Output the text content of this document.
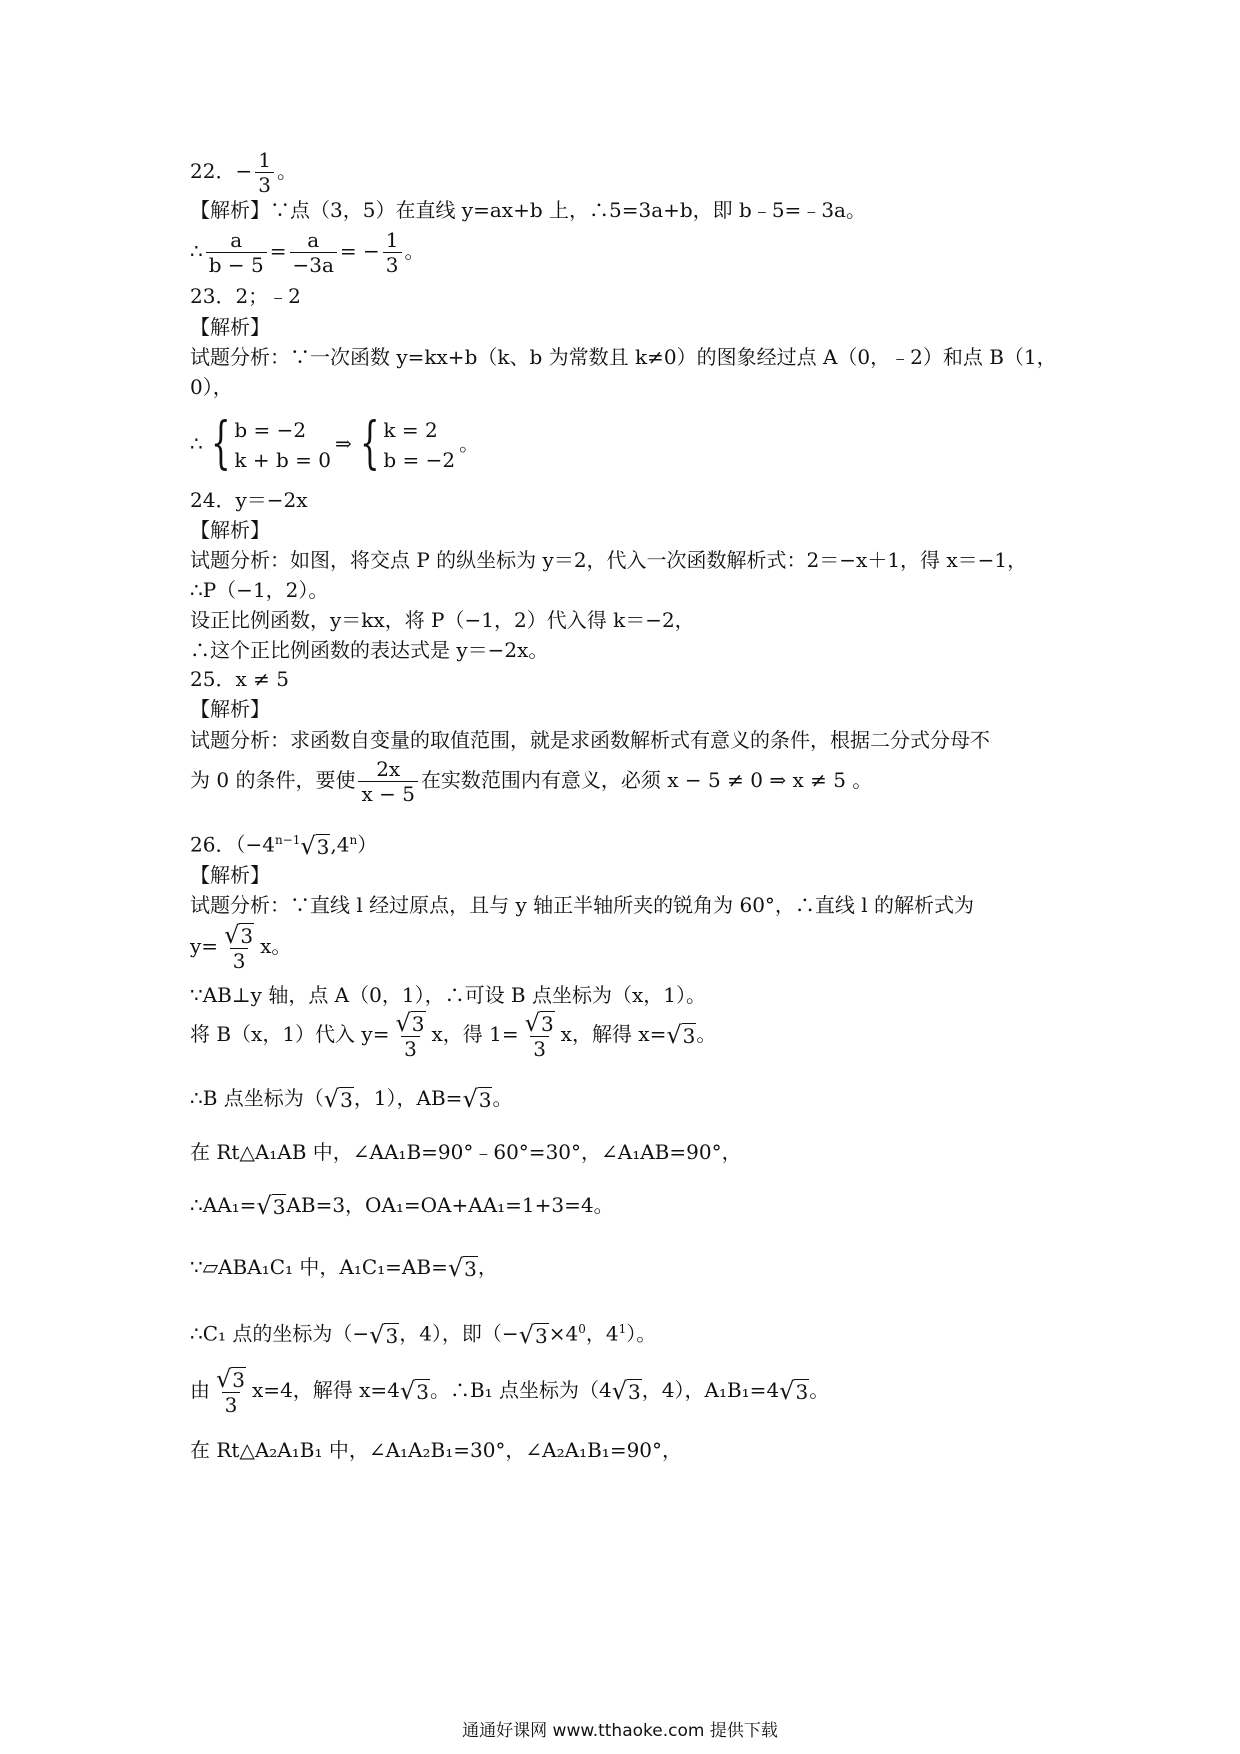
22．− $\frac{1}{3}$ 。
【解析】∵点（3，5）在直线 y=ax+b 上，∴5=3a+b，即 b﹣5=﹣3a。
∴ $\frac{a}{b - 5} = \frac{a}{-3a}$ = − $\frac{1}{3}$ 。
23．2；﹣2
【解析】
试题分析：∵一次函数 y=kx+b（k、b 为常数且 k≠0）的图象经过点 A（0，﹣2）和点 B（1，
0），
∴ { b = −2
k + b = 0
⇒ { k = 2
b = −2
。
24．y＝−2x
【解析】
试题分析：如图，将交点 P 的纵坐标为 y＝2，代入一次函数解析式：2＝−x＋1，得 x＝−1，
∴P（−1，2）。
设正比例函数，y＝kx，将 P（−1，2）代入得 k＝−2，
∴这个正比例函数的表达式是 y＝−2x。
25．x ≠ 5
【解析】
试题分析：求函数自变量的取值范围，就是求函数解析式有意义的条件，根据二分式分母不
为 0 的条件，要使 $\frac{2x}{x - 5}$ 在实数范围内有意义，必须 x − 5 ≠ 0 ⇒ x ≠ 5 。
26．$(-4^{n-1}√3,4^n)$
【解析】
试题分析：∵直线 l 经过原点，且与 y 轴正半轴所夹的锐角为 60°，∴直线 l 的解析式为
$y= \frac{√3}{3}$ x。
∵AB⊥y 轴，点 A（0，1），∴可设 B 点坐标为（x，1）。
将 B（x，1）代入 $y= \frac{√3}{3}$ x，得 $1= \frac{√3}{3}$ x，解得 x=√3。
∴B 点坐标为（√3，1），AB=√3。
在 Rt△A₁AB 中，∠AA₁B=90°﹣60°=30°，∠A₁AB=90°，
∴AA₁=√3AB=3，OA₁=OA+AA₁=1+3=4。
∵▱ABA₁C₁ 中，A₁C₁=AB=√3，
∴C₁ 点的坐标为（−√3，4），即（$-√3\times 4^0$，$4^1$）。
由 $\frac{√3}{3} x=4$，解得 x=4√3。∴B₁ 点坐标为（4√3，4），A₁B₁=4√3。
在 Rt△A₂A₁B₁ 中，∠A₁A₂B₁=30°，∠A₂A₁B₁=90°，
通通好课网 www.tthaoke.com 提供下载
